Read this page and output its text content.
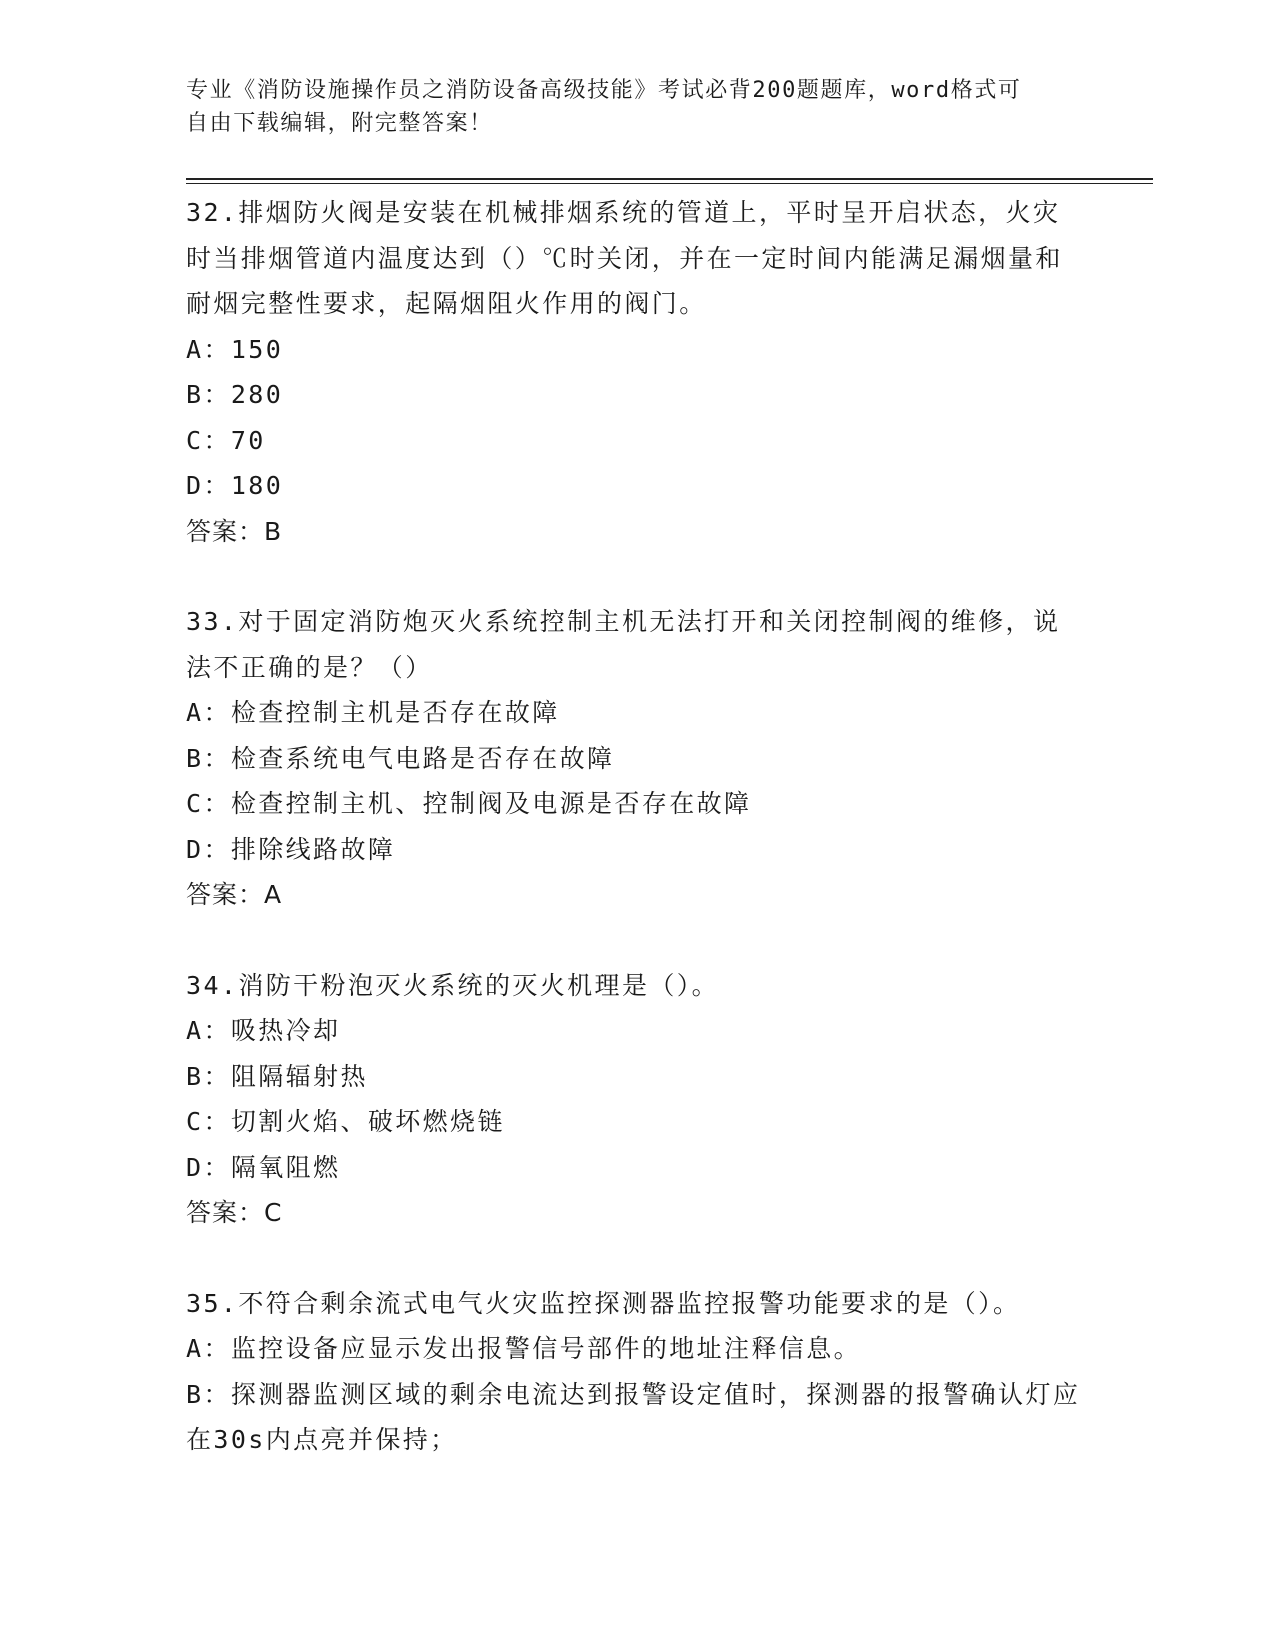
专业《消防设施操作员之消防设备高级技能》考试必背200题题库，word格式可
自由下载编辑，附完整答案！
32.排烟防火阀是安装在机械排烟系统的管道上，平时呈开启状态，火灾时当排烟管道内温度达到（）℃时关闭，并在一定时间内能满足漏烟量和耐烟完整性要求，起隔烟阻火作用的阀门。
A：150
B：280
C：70
D：180
答案：B
33.对于固定消防炮灭火系统控制主机无法打开和关闭控制阀的维修，说法不正确的是？（）
A：检查控制主机是否存在故障
B：检查系统电气电路是否存在故障
C：检查控制主机、控制阀及电源是否存在故障
D：排除线路故障
答案：A
34.消防干粉泡灭火系统的灭火机理是（）。
A：吸热冷却
B：阻隔辐射热
C：切割火焰、破坏燃烧链
D：隔氧阻燃
答案：C
35.不符合剩余流式电气火灾监控探测器监控报警功能要求的是（）。
A：监控设备应显示发出报警信号部件的地址注释信息。
B：探测器监测区域的剩余电流达到报警设定值时，探测器的报警确认灯应在30s内点亮并保持；
